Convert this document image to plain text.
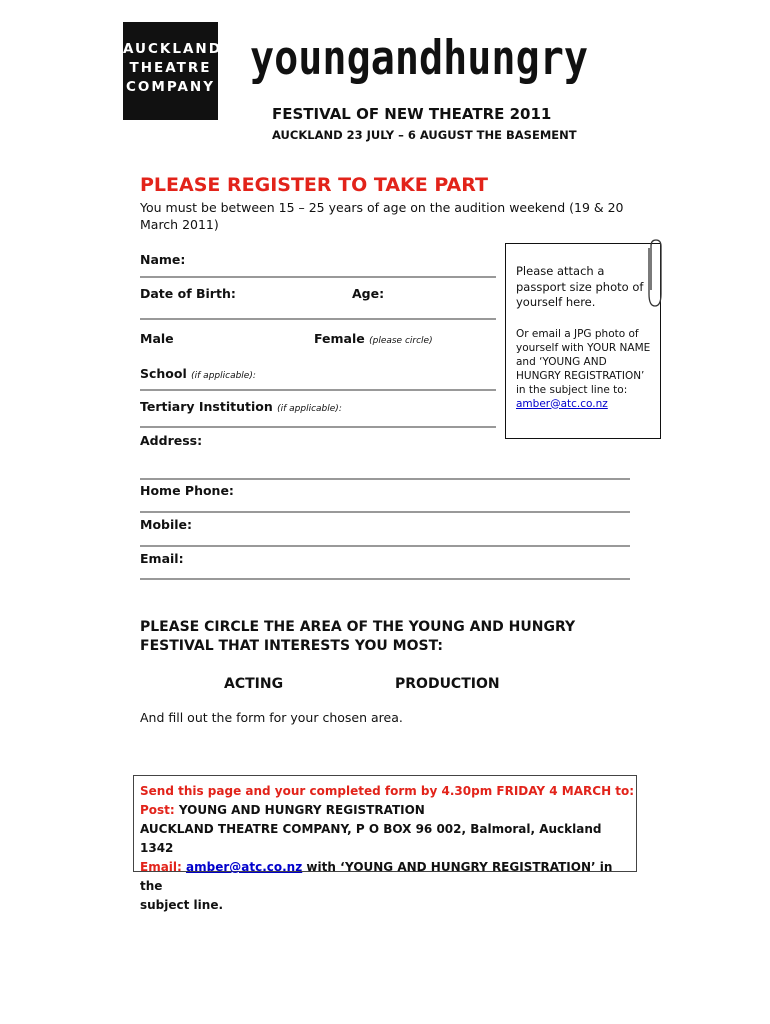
AUCKLAND
THEATRE
COMPANY
youngandhungry
FESTIVAL OF NEW THEATRE 2011
AUCKLAND 23 JULY – 6 AUGUST THE BASEMENT
PLEASE REGISTER TO TAKE PART
You must be between 15 – 25 years of age on the audition weekend (19 & 20 March 2011)
Name:
Date of Birth:	Age:
Male	Female (please circle)
School (if applicable):
Tertiary Institution (if applicable):
Address:
Home Phone:
Mobile:
Email:
Please attach a passport size photo of yourself here.
Or email a JPG photo of yourself with YOUR NAME and ‘YOUNG AND HUNGRY REGISTRATION’ in the subject line to: amber@atc.co.nz
PLEASE CIRCLE THE AREA OF THE YOUNG AND HUNGRY FESTIVAL THAT INTERESTS YOU MOST:
ACTING	PRODUCTION
And fill out the form for your chosen area.
Send this page and your completed form by 4.30pm FRIDAY 4 MARCH to:
Post: YOUNG AND HUNGRY REGISTRATION
AUCKLAND THEATRE COMPANY, P O BOX 96 002, Balmoral, Auckland 1342
Email: amber@atc.co.nz with ‘YOUNG AND HUNGRY REGISTRATION’ in the
subject line.
